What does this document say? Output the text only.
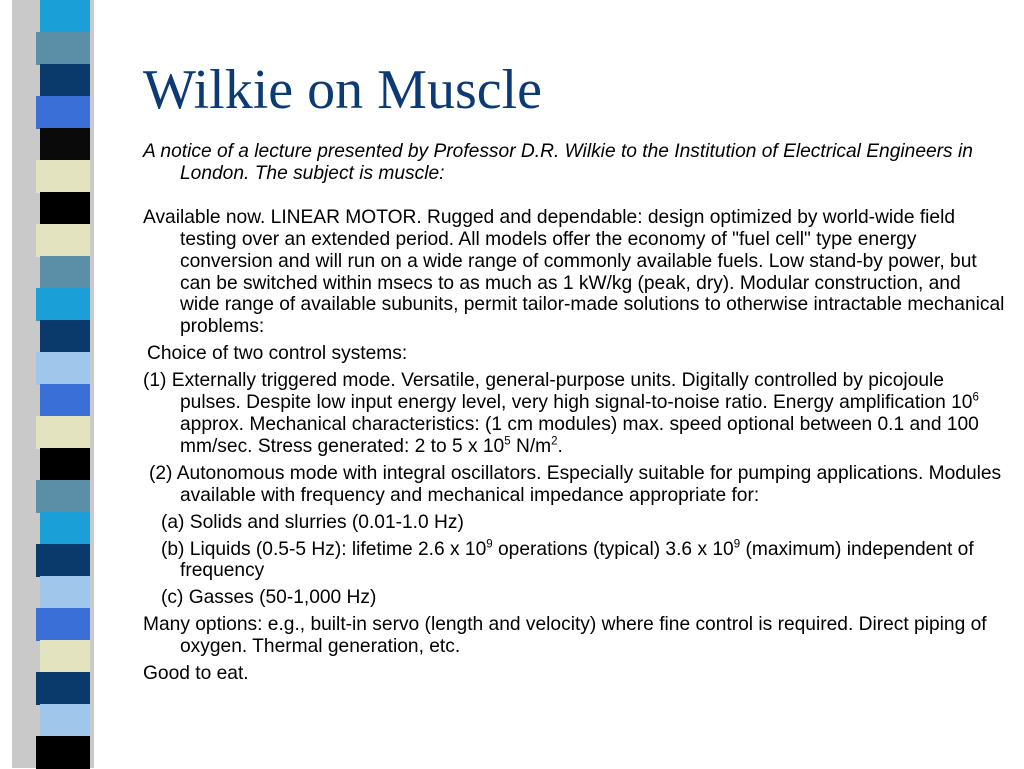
Wilkie on Muscle

A notice of a lecture presented by Professor D.R. Wilkie to the Institution of Electrical Engineers in London. The subject is muscle:

Available now. LINEAR MOTOR. Rugged and dependable: design optimized by world-wide field testing over an extended period. All models offer the economy of "fuel cell" type energy conversion and will run on a wide range of commonly available fuels. Low stand-by power, but can be switched within msecs to as much as 1 kW/kg (peak, dry). Modular construction, and wide range of available subunits, permit tailor-made solutions to otherwise intractable mechanical problems:

Choice of two control systems:

(1) Externally triggered mode. Versatile, general-purpose units. Digitally controlled by picojoule pulses. Despite low input energy level, very high signal-to-noise ratio. Energy amplification $10^6$ approx. Mechanical characteristics: (1 cm modules) max. speed optional between 0.1 and 100 mm/sec. Stress generated: 2 to 5 x $10^5$ $N/m^2$.

(2) Autonomous mode with integral oscillators. Especially suitable for pumping applications. Modules available with frequency and mechanical impedance appropriate for:

(a) Solids and slurries (0.01-1.0 Hz)

(b) Liquids (0.5-5 Hz): lifetime 2.6 x $10^9$ operations (typical) 3.6 x $10^9$ (maximum) independent of frequency

(c) Gasses (50-1,000 Hz)

Many options: e.g., built-in servo (length and velocity) where fine control is required. Direct piping of oxygen. Thermal generation, etc.

Good to eat.
